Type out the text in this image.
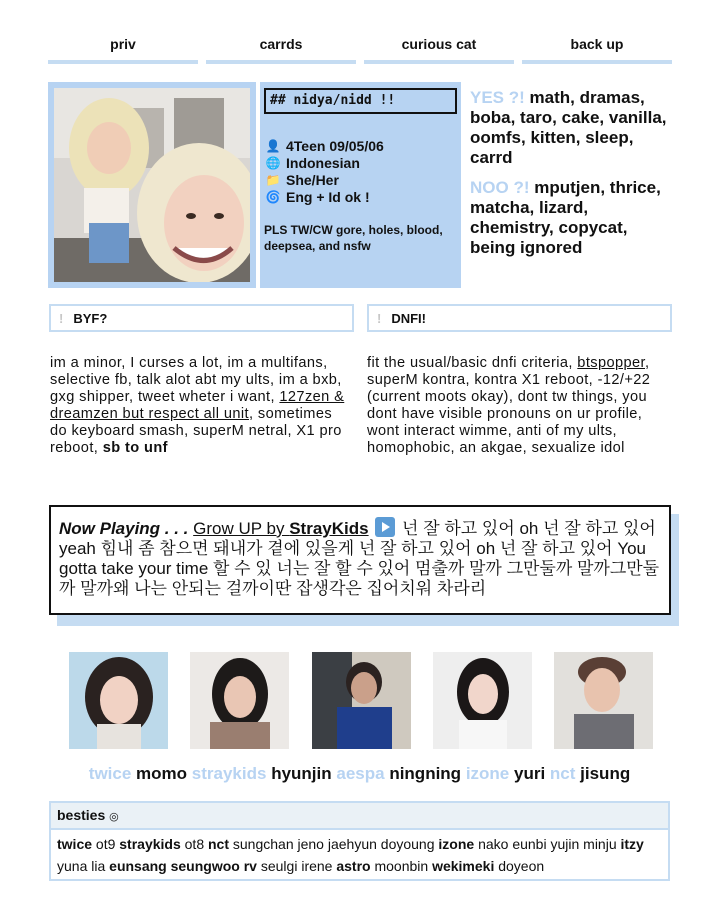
priv	carrds	curious cat	back up
## nidya/nidd !!
👤 4Teen 09/05/06
🌐 Indonesian
📁 She/Her
🌀 Eng + Id ok !
PLS TW/CW gore, holes, blood, deepsea, and nsfw
YES ?! math, dramas, boba, taro, cake, vanilla, oomfs, kitten, sleep, carrd
NOO ?! mputjen, thrice, matcha, lizard, chemistry, copycat, being ignored
! BYF?
im a minor, I curses a lot, im a multifans, selective fb, talk alot abt my ults, im a bxb, gxg shipper, tweet wheter i want, 127zen & dreamzen but respect all unit, sometimes do keyboard smash, superM netral, X1 pro reboot, sb to unf
! DNFI!
fit the usual/basic dnfi criteria, btspopper, superM kontra, kontra X1 reboot, -12/+22 (current moots okay), dont tw things, you dont have visible pronouns on ur profile, wont interact wimme, anti of my ults, homophobic, an akgae, sexualize idol
Now Playing . . . Grow UP by StrayKids  넌 잘 하고 있어 oh 넌 잘 하고 있어 yeah 힘내 좀 참으면 돼내가 곁에 있을게 넌 잘 하고 있어 oh 넌 잘 하고 있어 You gotta take your time 할 수 있 너는 잘 할 수 있어 멈출까 말까 그만둘까 말까그만둘까 말까왜 나는 안되는 걸까이딴 잡생각은 집어치워 차라리
twice momo straykids hyunjin aespa ningning izone yuri nct jisung
besties ◎
twice ot9 straykids ot8 nct sungchan jeno jaehyun doyoung izone nako eunbi yujin minju itzy yuna lia eunsang seungwoo rv seulgi irene astro moonbin wekimeki doyeon
